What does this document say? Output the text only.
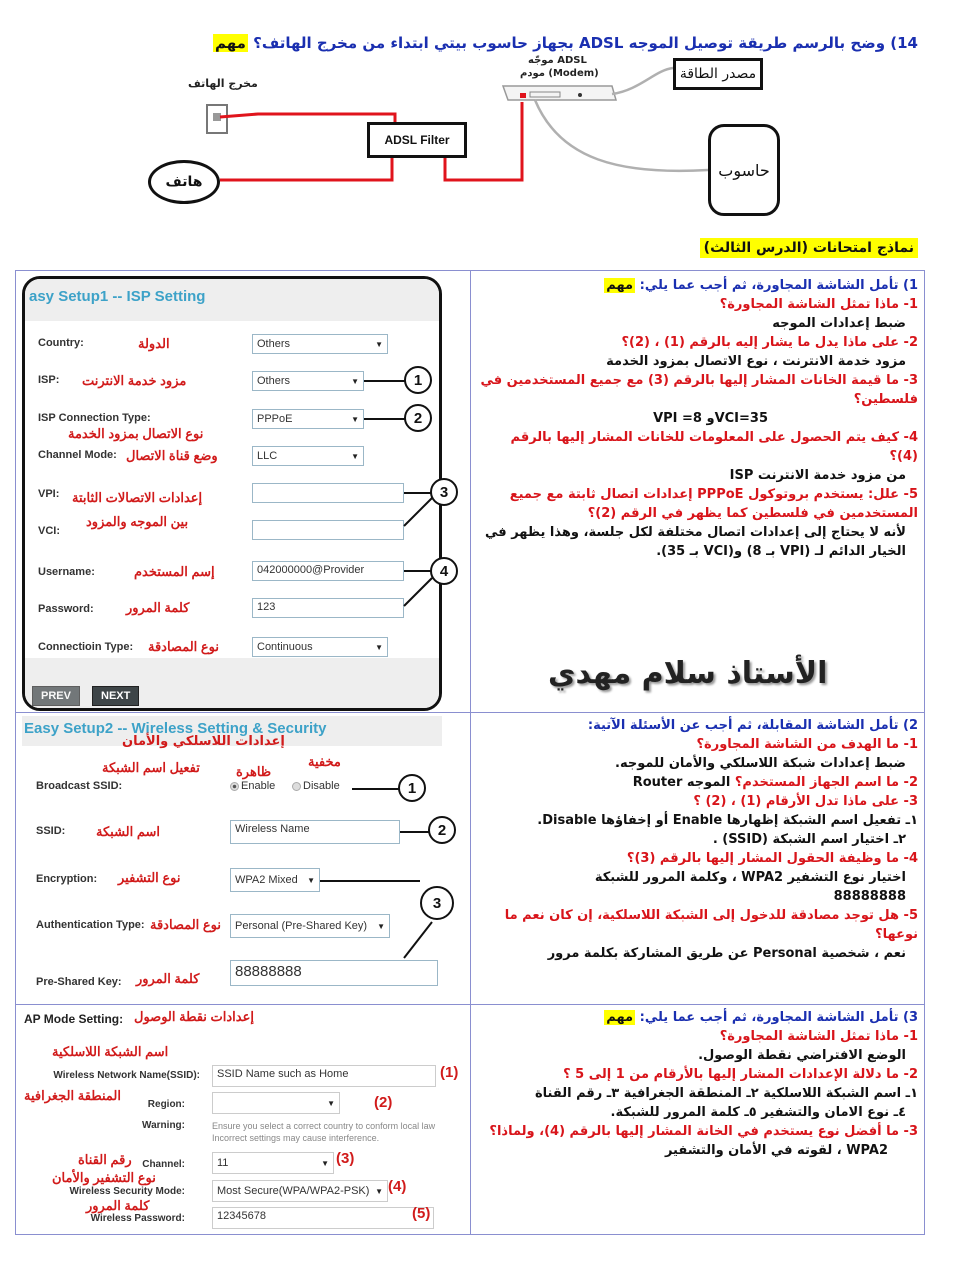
14) وضح بالرسم طريقة توصيل الموجه ADSL بجهاز حاسوب بيتي ابتداء من مخرج الهاتف؟ مهم
مخرج الهاتف
موجّه ADSL
مودم (Modem)
ADSL Filter
مصدر الطاقة
هاتف
حاسوب
نماذج امتحانات (الدرس الثالث)
1) تأمل الشاشة المجاورة، ثم أجب عما يلي: مهم
1- ماذا تمثل الشاشة المجاورة؟
ضبط إعدادات الموجه
2- على ماذا يدل ما يشار إليه بالرقم (1) ، (2)؟
مزود خدمة الانترنت ، نوع الاتصال بمزود الخدمة
3- ما قيمة الخانات المشار إليها بالرقم (3) مع جميع المستخدمين في فلسطين؟
VPI =8 وVCI=35
4- كيف يتم الحصول على المعلومات للخانات المشار إليها بالرقم (4)؟
من مزود خدمة الانترنت ISP
5- علل: يستخدم بروتوكول PPPoE إعدادات اتصال ثابتة مع جميع المستخدمين في فلسطين كما يظهر في الرقم (2)؟
لأنه لا يحتاج إلى إعدادات اتصال مختلفة لكل جلسة، وهذا يظهر في الخيار الدائم لـ (VPI بـ 8) و(VCI بـ 35).
الأستاذ سلام مهدي
asy Setup1 -- ISP Setting
Country:	الدولة	Others	▼
ISP: مزود خدمة الانترنت	Others	▼	1
ISP Connection Type:
نوع الاتصال بمزود الخدمة
PPPoE	▼	2
Channel Mode: وضع قناة الاتصال	LLC	▼
VPI:
VCI:
إعدادات الاتصالات الثابتة
بين الموجه والمزود
Username:	إسم المستخدم	042000000@Provider
Password: كلمة المرور	123
Connectioin Type: نوع المصادقة	Continuous	▼
3
4
PREV	NEXT
2) تأمل الشاشة المقابلة، ثم أجب عن الأسئلة الآتية:
1- ما الهدف من الشاشة المجاورة؟
ضبط إعدادات شبكة اللاسلكي والأمان للموجه.
2- ما اسم الجهاز المستخدم؟ الموجه Router
3- على ماذا تدل الأرقام (1) ، (2) ؟
١ـ تفعيل اسم الشبكة إظهارها Enable أو إخفاؤها Disable.
٢ـ اختيار اسم الشبكة (SSID) .
4- ما وظيفة الحقول المشار إليها بالرقم (3)؟
اختيار نوع التشفير WPA2 ، وكلمة المرور للشبكة
88888888
5- هل توجد مصادقة للدخول إلى الشبكة اللاسلكية، إن كان نعم ما نوعها؟
نعم ، شخصية Personal عن طريق المشاركة بكلمة مرور
Easy Setup2 -- Wireless Setting & Security
إعدادات اللاسلكي والأمان
تفعيل اسم الشبكة	ظاهرة
مخفية
Broadcast SSID:	Enable	Disable	1
SSID: اسم الشبكة	Wireless Name	2
Encryption: نوع التشفير	WPA2 Mixed ▼
3
Authentication Type: نوع المصادقة Personal (Pre-Shared Key) ▼
Pre-Shared Key: كلمة المرور	88888888
3) تأمل الشاشة المجاورة، ثم أجب عما يلي: مهم
1- ماذا تمثل الشاشة المجاورة؟
الوضع الافتراضي نقطة الوصول.
2- ما دلالة الإعدادات المشار إليها بالأرقام من 1 إلى 5 ؟
١ـ اسم الشبكة اللاسلكية ٢ـ المنطقة الجغرافية ٣ـ رقم القناة
٤ـ نوع الامان والتشفير ٥ـ كلمة المرور للشبكة.
3- ما أفضل نوع يستخدم في الخانة المشار إليها بالرقم (4)، ولماذا؟
WPA2 ، لقوته في الأمان والتشفير
AP Mode Setting: إعدادات نقطة الوصول
اسم الشبكة اللاسلكية
Wireless Network Name(SSID):	SSID Name such as Home	(1)
المنطقة الجغرافية
Region:	▼	(2)
Warning:	Ensure you select a correct country to conform local law
Incorrect settings may cause interference.
رقم القناة	Channel:	11	▼ (3)
نوع التشفير والأمان
Wireless Security Mode:	Most Secure(WPA/WPA2-PSK) ▼ (4)
كلمة المرور
Wireless Password:	12345678	(5)
